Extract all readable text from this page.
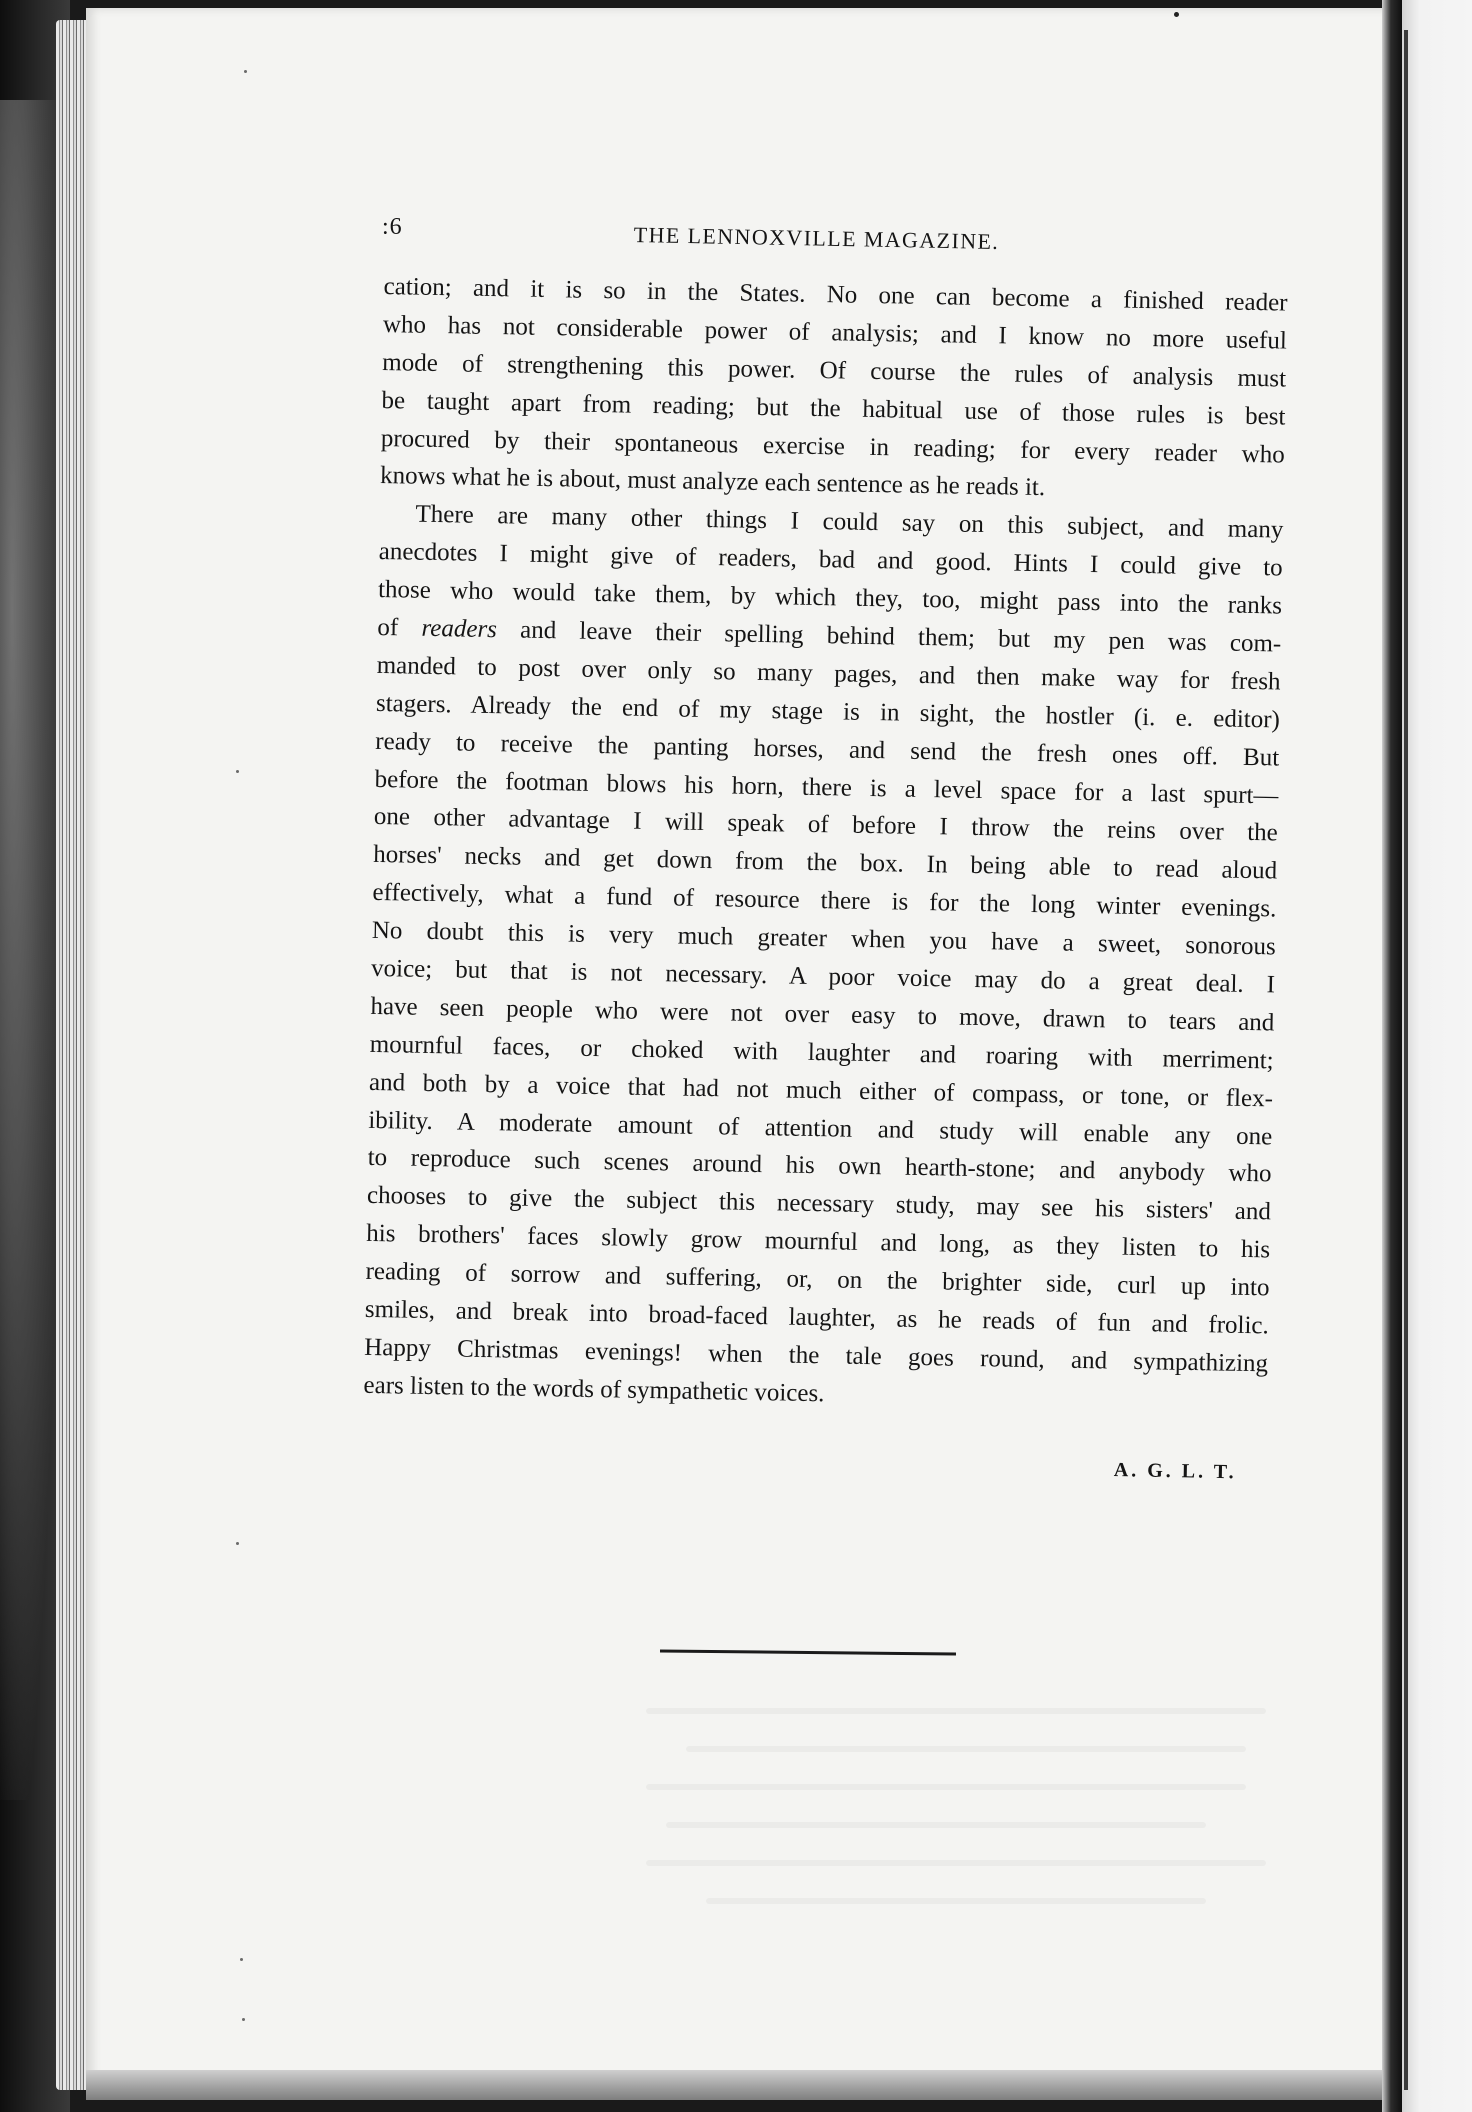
:6	THE LENNOXVILLE MAGAZINE.
cation; and it is so in the States. No one can become a finished reader
who has not considerable power of analysis; and I know no more useful
mode of strengthening this power. Of course the rules of analysis must
be taught apart from reading; but the habitual use of those rules is best
procured by their spontaneous exercise in reading; for every reader who
knows what he is about, must analyze each sentence as he reads it.
There are many other things I could say on this subject, and many
anecdotes I might give of readers, bad and good. Hints I could give to
those who would take them, by which they, too, might pass into the ranks
of readers and leave their spelling behind them; but my pen was com-
manded to post over only so many pages, and then make way for fresh
stagers. Already the end of my stage is in sight, the hostler (i. e. editor)
ready to receive the panting horses, and send the fresh ones off. But
before the footman blows his horn, there is a level space for a last spurt—
one other advantage I will speak of before I throw the reins over the
horses' necks and get down from the box. In being able to read aloud
effectively, what a fund of resource there is for the long winter evenings.
No doubt this is very much greater when you have a sweet, sonorous
voice; but that is not necessary. A poor voice may do a great deal. I
have seen people who were not over easy to move, drawn to tears and
mournful faces, or choked with laughter and roaring with merriment;
and both by a voice that had not much either of compass, or tone, or flex-
ibility. A moderate amount of attention and study will enable any one
to reproduce such scenes around his own hearth-stone; and anybody who
chooses to give the subject this necessary study, may see his sisters' and
his brothers' faces slowly grow mournful and long, as they listen to his
reading of sorrow and suffering, or, on the brighter side, curl up into
smiles, and break into broad-faced laughter, as he reads of fun and frolic.
Happy Christmas evenings! when the tale goes round, and sympathizing
ears listen to the words of sympathetic voices.
A. G. L. T.
